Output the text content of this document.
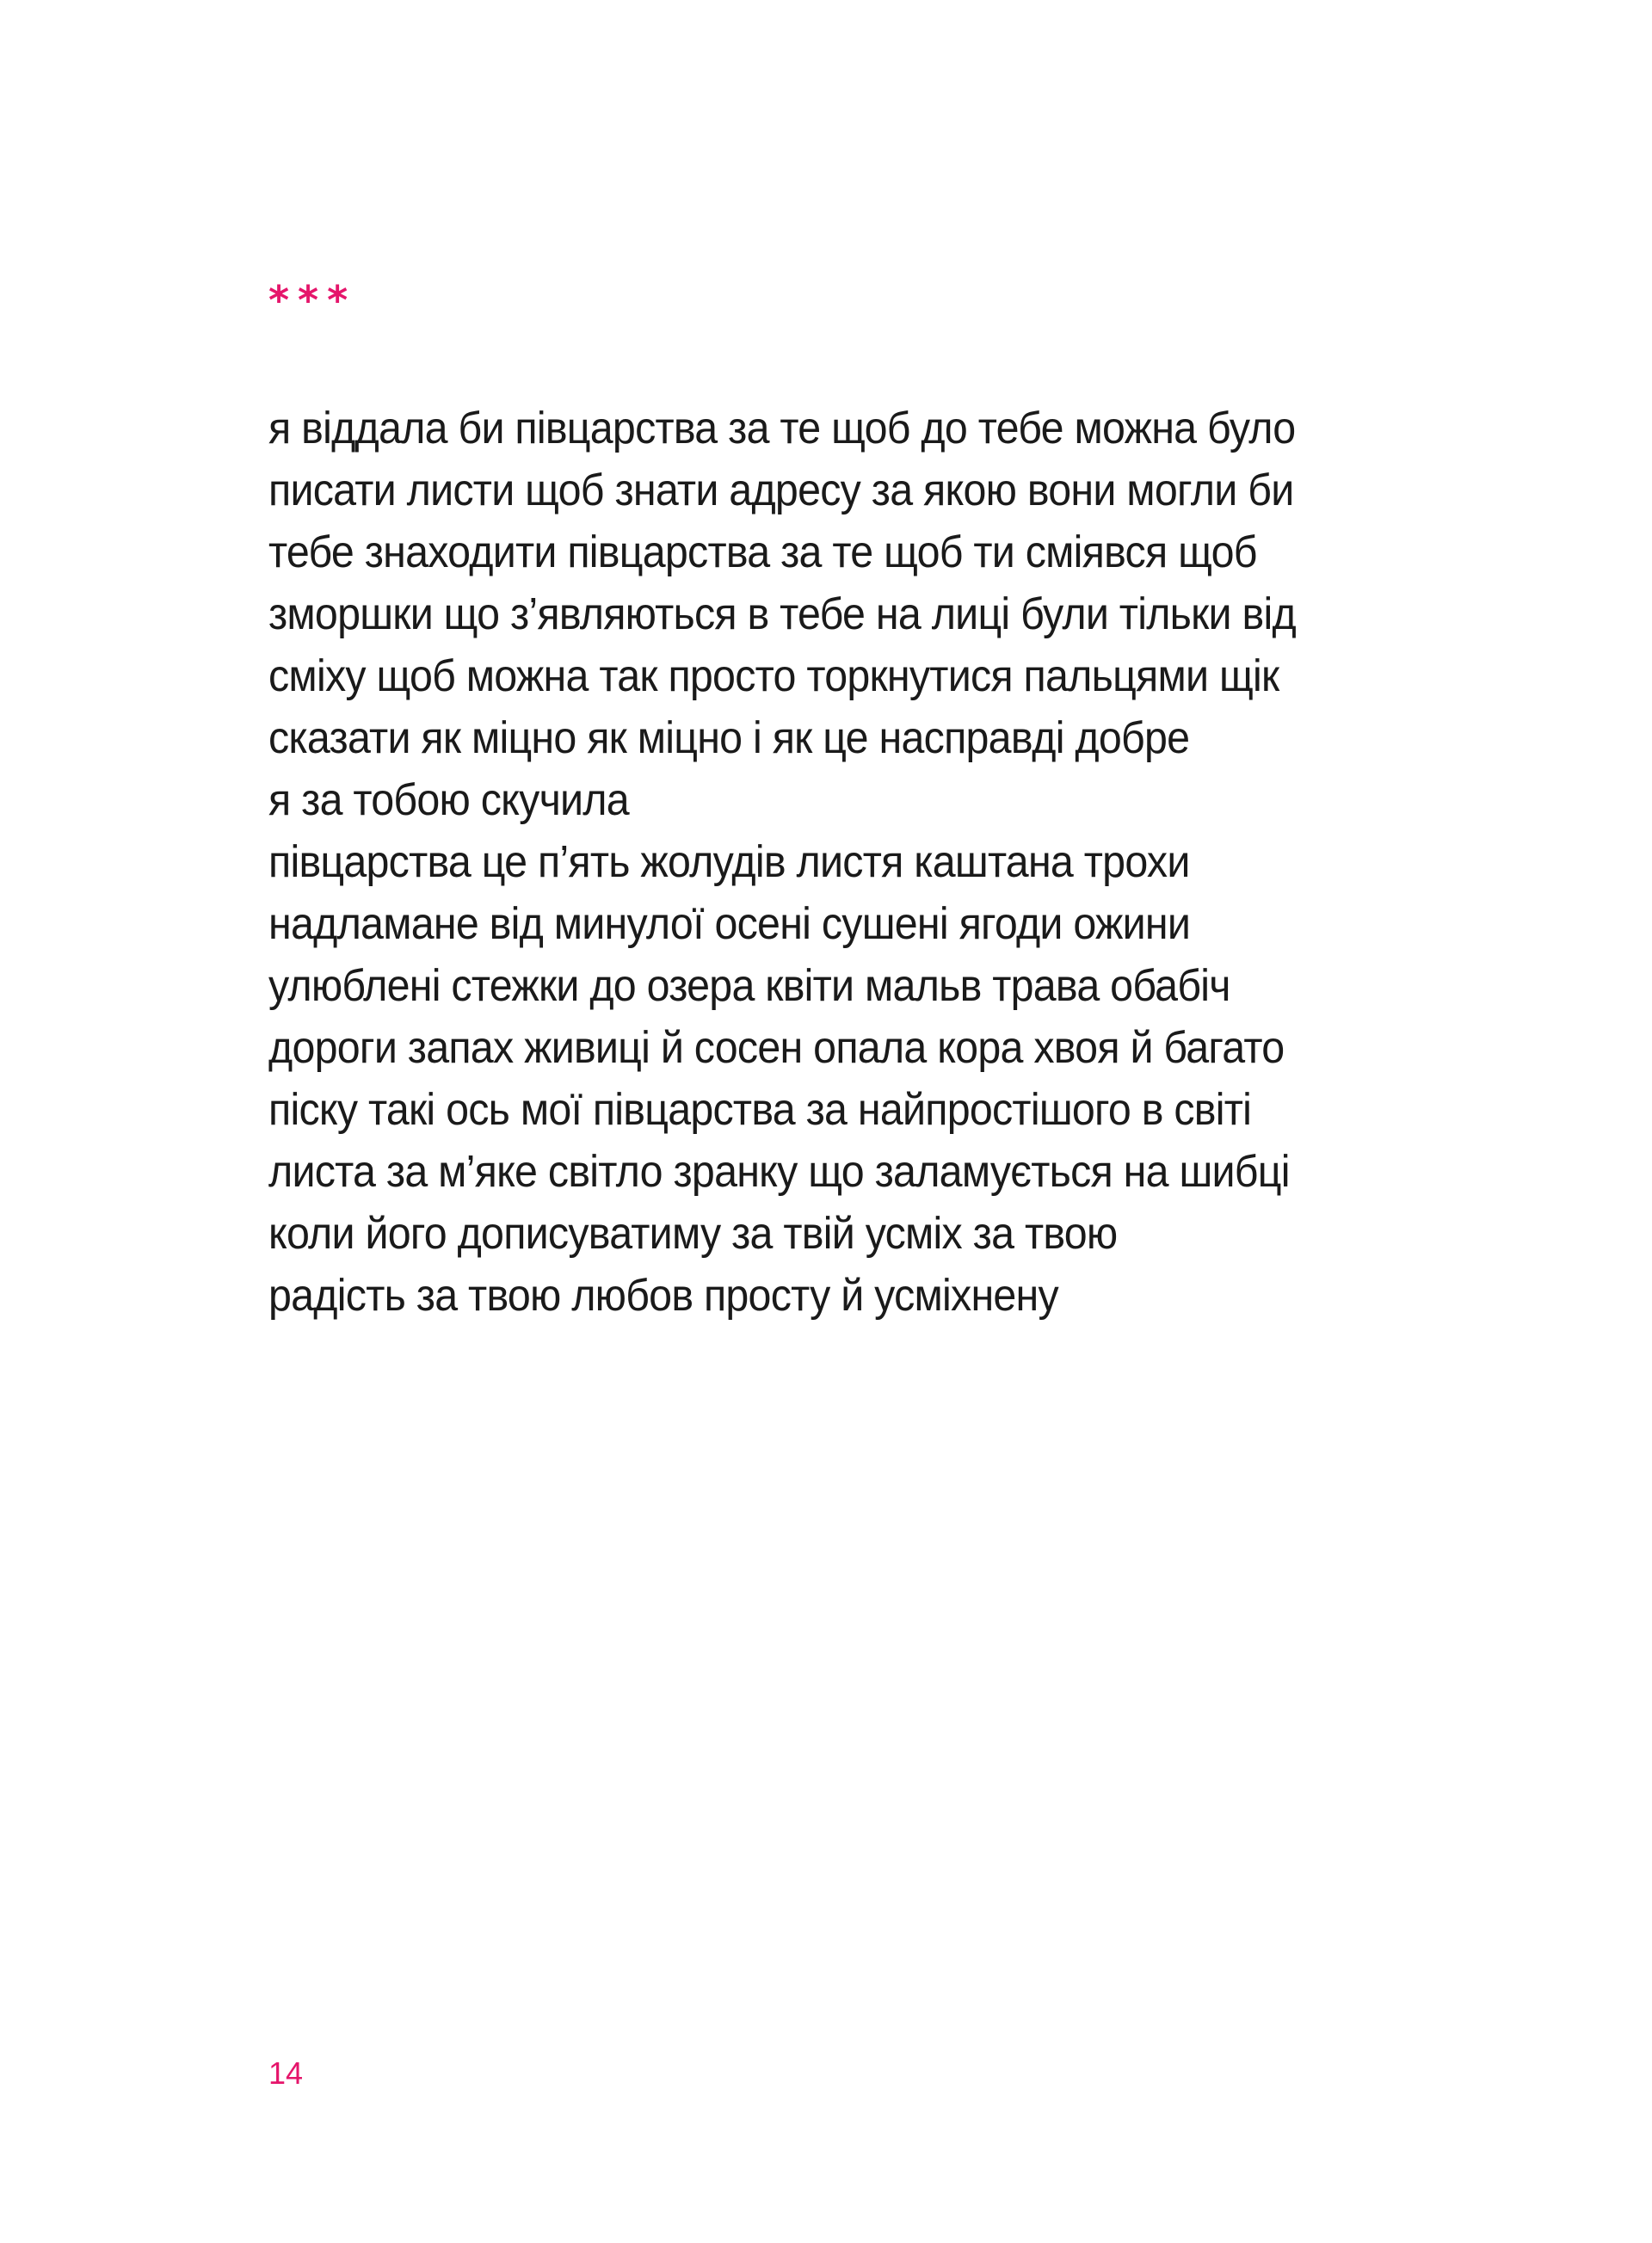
***
я віддала би півцарства за те щоб до тебе можна було
писати листи щоб знати адресу за якою вони могли би
тебе знаходити півцарства за те щоб ти сміявся щоб
зморшки що з’являються в тебе на лиці були тільки від
сміху щоб можна так просто торкнутися пальцями щік
сказати як міцно як міцно і як це насправді добре
я за тобою скучила
півцарства це п’ять жолудів листя каштана трохи
надламане від минулої осені сушені ягоди ожини
улюблені стежки до озера квіти мальв трава обабіч
дороги запах живиці й сосен опала кора хвоя й багато
піску такі ось мої півцарства за найпростішого в світі
листа за м’яке світло зранку що заламується на шибці
коли його дописуватиму за твій усміх за твою
радість за твою любов просту й усміхнену
14
